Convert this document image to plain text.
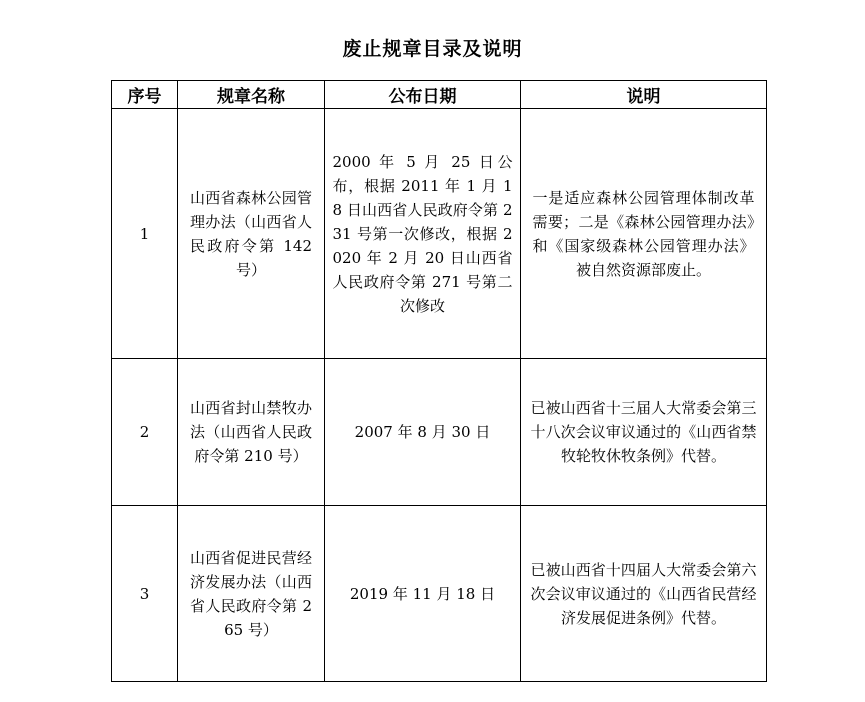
废止规章目录及说明
序号	规章名称	公布日期	说明
1	山西省森林公园管理办法（山西省人民政府令第 142 号）	2000 年 5 月 25 日公布，根据 2011 年 1 月 18 日山西省人民政府令第 231 号第一次修改，根据 2020 年 2 月 20 日山西省人民政府令第 271 号第二次修改	一是适应森林公园管理体制改革需要；二是《森林公园管理办法》和《国家级森林公园管理办法》被自然资源部废止。

2	山西省封山禁牧办法（山西省人民政府令第 210 号）	2007 年 8 月 30 日	已被山西省十三届人大常委会第三十八次会议审议通过的《山西省禁牧轮牧休牧条例》代替。

3	山西省促进民营经济发展办法（山西省人民政府令第 265 号）	2019 年 11 月 18 日	已被山西省十四届人大常委会第六次会议审议通过的《山西省民营经济发展促进条例》代替。
